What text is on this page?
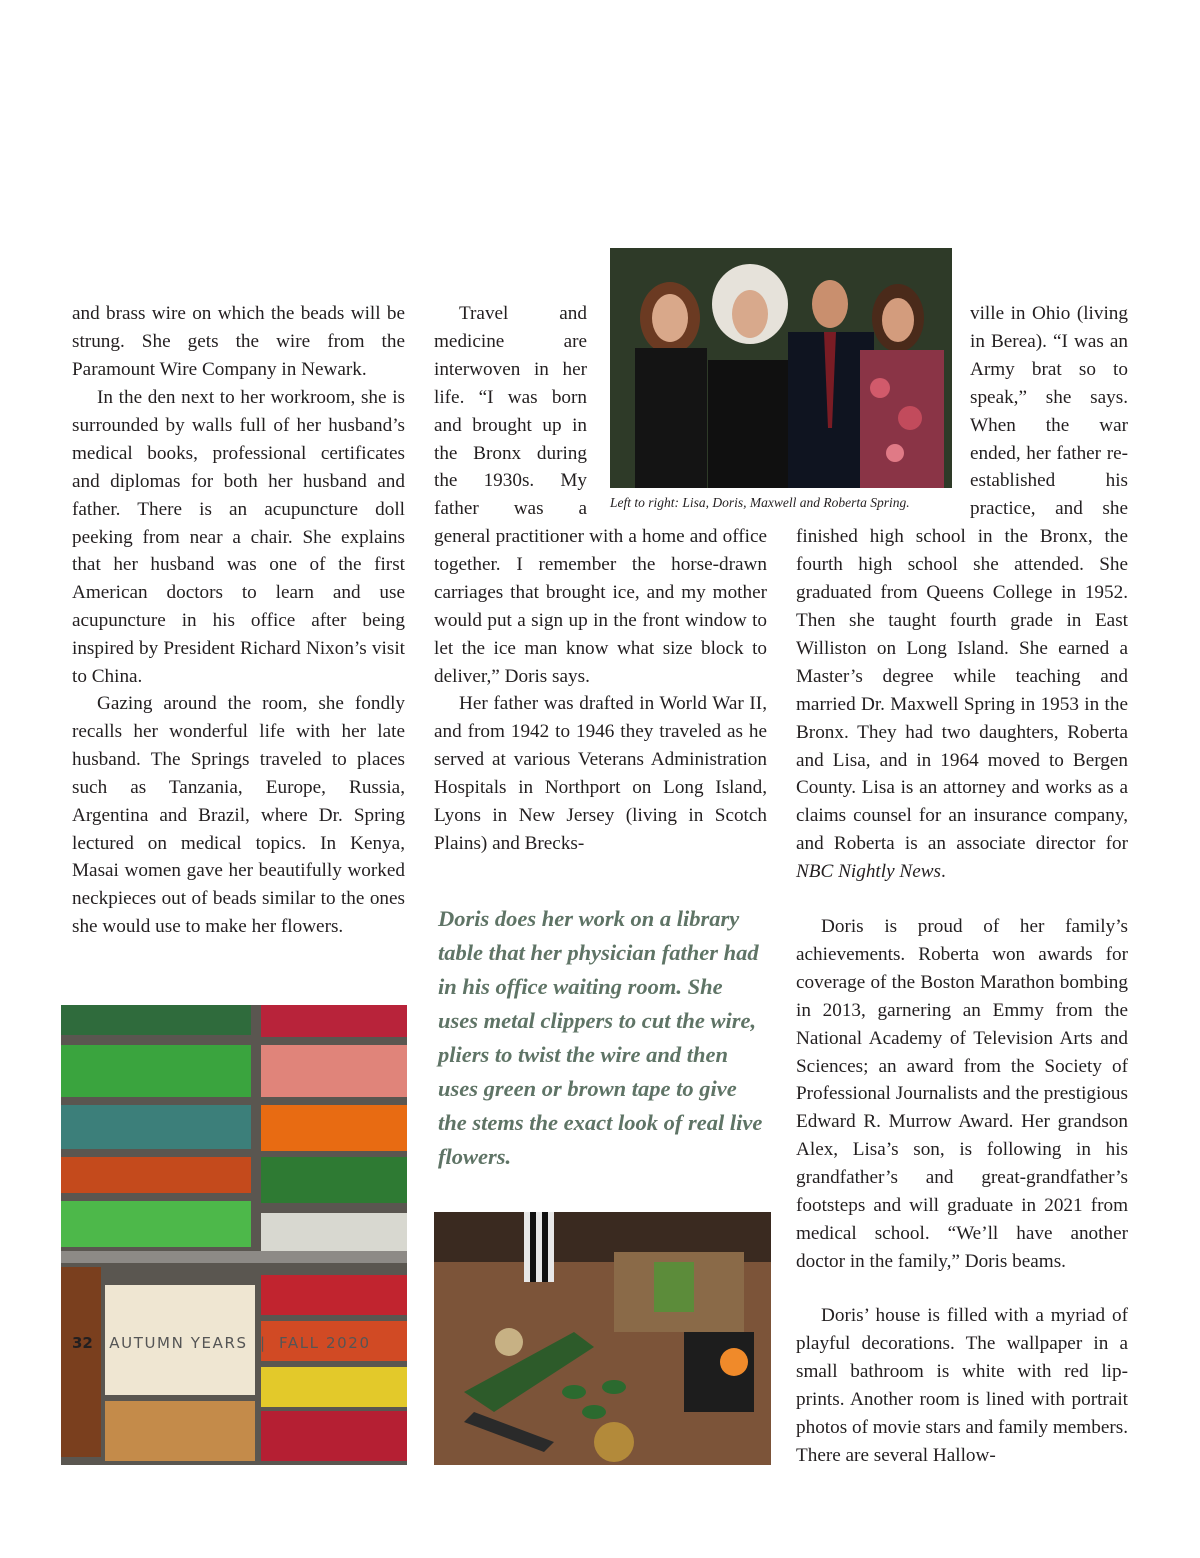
and brass wire on which the beads will be strung. She gets the wire from the Paramount Wire Company in Newark.

In the den next to her workroom, she is surrounded by walls full of her husband’s medical books, professional certificates and diplomas for both her husband and father. There is an acupuncture doll peeking from near a chair. She explains that her husband was one of the first American doctors to learn and use acupuncture in his office after being inspired by President Richard Nixon’s visit to China.

Gazing around the room, she fondly recalls her wonderful life with her late husband. The Springs traveled to places such as Tanzania, Europe, Russia, Argentina and Brazil, where Dr. Spring lectured on medical topics. In Kenya, Masai women gave her beautifully worked neckpieces out of beads similar to the ones she would use to make her flowers.

Left to right: Lisa, Doris, Maxwell and Roberta Spring.
Travel and medicine are interwoven in her life. “I was born and brought up in the Bronx during the 1930s. My father was a general practitioner with a home and office together. I remember the horse-drawn carriages that brought ice, and my mother would put a sign up in the front window to let the ice man know what size block to deliver,” Doris says.

Her father was drafted in World War II, and from 1942 to 1946 they traveled as he served at various Veterans Administration Hospitals in Northport on Long Island, Lyons in New Jersey (living in Scotch Plains) and Brecks-

Doris does her work on a library table that her physician father had in his office waiting room. She uses metal clippers to cut the wire, pliers to twist the wire and then uses green or brown tape to give the stems the exact look of real live flowers.

ville in Ohio (living in Berea). “I was an Army brat so to speak,” she says. When the war ended, her father re-established his practice, and she finished high school in the Bronx, the fourth high school she attended. She graduated from Queens College in 1952. Then she taught fourth grade in East Williston on Long Island. She earned a Master’s degree while teaching and married Dr. Maxwell Spring in 1953 in the Bronx. They had two daughters, Roberta and Lisa, and in 1964 moved to Bergen County. Lisa is an attorney and works as a claims counsel for an insurance company, and Roberta is an associate director for NBC Nightly News.

Doris is proud of her family’s achievements. Roberta won awards for coverage of the Boston Marathon bombing in 2013, garnering an Emmy from the National Academy of Television Arts and Sciences; an award from the Society of Professional Journalists and the prestigious Edward R. Murrow Award. Her grandson Alex, Lisa’s son, is following in his grandfather’s and great-grandfather’s footsteps and will graduate in 2021 from medical school. “We’ll have another doctor in the family,” Doris beams.

Doris’ house is filled with a myriad of playful decorations. The wallpaper in a small bathroom is white with red lip-prints. Another room is lined with portrait photos of movie stars and family members. There are several Hallow-

32 AUTUMN YEARS | FALL 2020
